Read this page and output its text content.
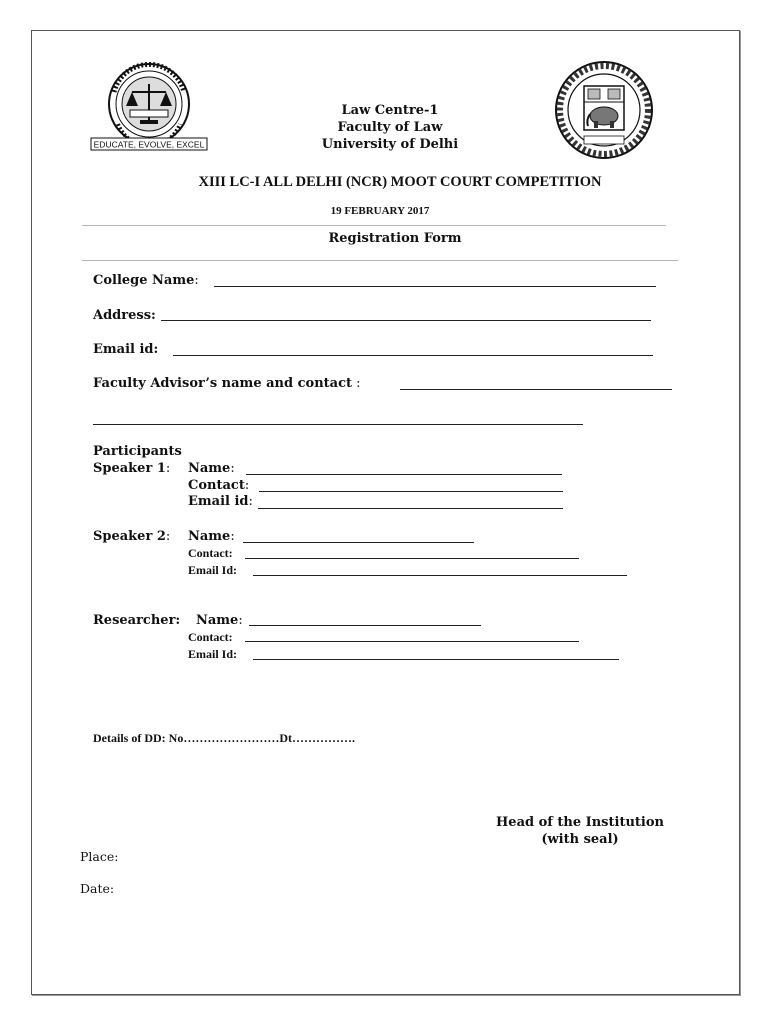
EDUCATE, EVOLVE, EXCEL
Law Centre-1
Faculty of Law
University of Delhi
XIII LC-I ALL DELHI (NCR) MOOT COURT COMPETITION
19 FEBRUARY 2017
Registration Form
College Name:
Address:
Email id:
Faculty Advisor’s name and contact :
Participants
Speaker 1: Name:
Contact:
Email id:
Speaker 2: Name:
Contact:
Email Id:
Researcher: Name:
Contact:
Email Id:
Details of DD: No……………………Dt…………….
Head of the Institution
(with seal)
Place:
Date:
